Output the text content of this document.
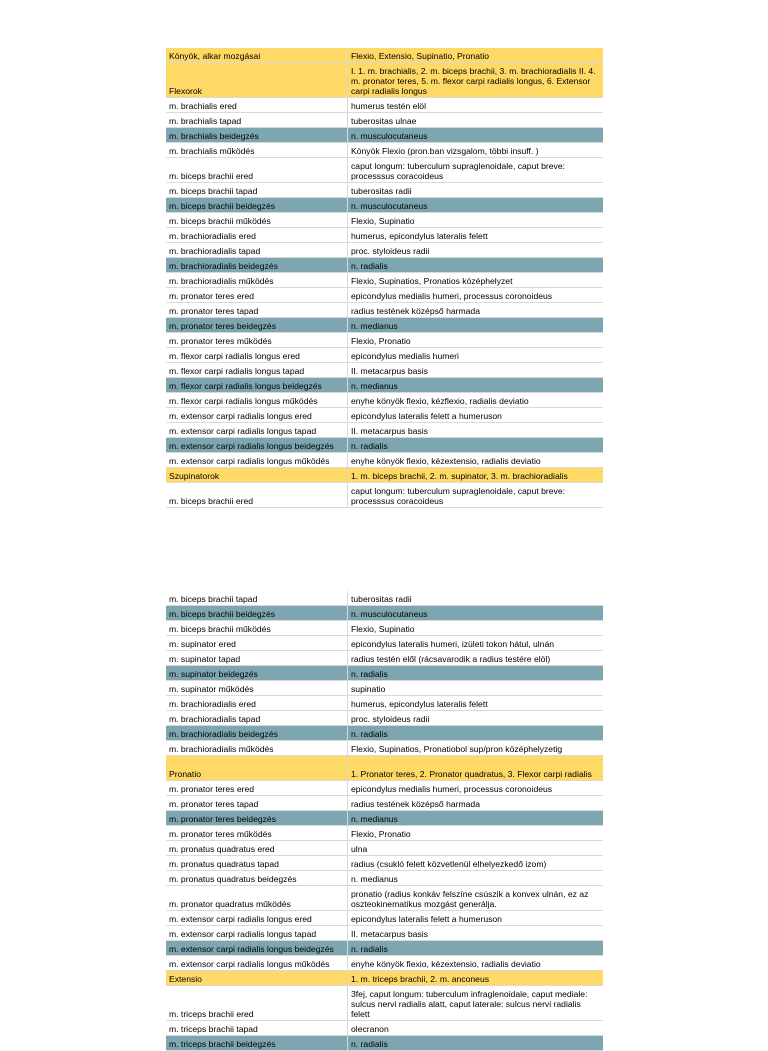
Könyök, alkar mozgásai	Flexio, Extensio, Supinatio, Pronatio
Flexorok	I. 1. m. brachialis, 2. m. biceps brachii, 3. m. brachioradialis II. 4. m. pronator teres, 5. m. flexor carpi radialis longus, 6. Extensor carpi radialis longus
m. brachialis ered	humerus testén elöl
m. brachialis tapad	tuberositas ulnae
m. brachialis beidegzés	n. musculocutaneus
m. brachialis működés	Könyök Flexio (pron.ban vizsgalom, többi insuff. )
m. biceps brachii ered	caput longum: tuberculum supraglenoidale, caput breve: processsus coracoideus
m. biceps brachii tapad	tuberositas radii
m. biceps brachii beidegzés	n. musculocutaneus
m. biceps brachii működés	Flexio, Supinatio
m. brachioradialis ered	humerus, epicondylus lateralis felett
m. brachioradialis tapad	proc. styloideus radii
m. brachioradialis beidegzés	n. radialis
m. brachioradialis működés	Flexio, Supinatios, Pronatios középhelyzet
m. pronator teres ered	epicondylus medialis humeri, processus coronoideus
m. pronator teres tapad	radius testének középső harmada
m. pronator teres beidegzés	n. medianus
m. pronator teres működés	Flexio, Pronatio
m. flexor carpi radialis longus ered	epicondylus medialis humeri
m. flexor carpi radialis longus tapad	II. metacarpus basis
m. flexor carpi radialis longus beidegzés	n. medianus
m. flexor carpi radialis longus működés	enyhe könyök flexio, kézflexio, radialis deviatio
m. extensor carpi radialis longus ered	epicondylus lateralis felett a humeruson
m. extensor carpi radialis longus tapad	II. metacarpus basis
m. extensor carpi radialis longus beidegzés	n. radialis
m. extensor carpi radialis longus működés	enyhe könyök flexio, kézextensio, radialis deviatio
Szupinatorok	1. m. biceps brachii, 2. m. supinator, 3. m. brachioradialis
m. biceps brachii ered	caput longum: tuberculum supraglenoidale, caput breve: processsus coracoideus
m. biceps brachii tapad	tuberositas radii
m. biceps brachii beidegzés	n. musculocutaneus
m. biceps brachii működés	Flexio, Supinatio
m. supinator ered	epicondylus lateralis humeri, izületi tokon hátul, ulnán
m. supinator tapad	radius testén elől (rácsavarodik a radius testére elöl)
m. supinator beidegzés	n. radialis
m. supinator működés	supinatio
m. brachioradialis ered	humerus, epicondylus lateralis felett
m. brachioradialis tapad	proc. styloideus radii
m. brachioradialis beidegzés	n. radialis
m. brachioradialis működés	Flexio, Supinatios, Pronatiobol sup/pron középhelyzetig
Pronatio	1. Pronator teres, 2. Pronator quadratus, 3. Flexor carpi radialis
m. pronator teres ered	epicondylus medialis humeri, processus coronoideus
m. pronator teres tapad	radius testének középső harmada
m. pronator teres beidegzés	n. medianus
m. pronator teres működés	Flexio, Pronatio
m. pronatus quadratus ered	ulna
m. pronatus quadratus tapad	radius (csukló felett közvetlenül elhelyezkedő izom)
m. pronatus quadratus beidegzés	n. medianus
m. pronator quadratus működés	pronatio (radius konkáv felszíne csúszik a konvex ulnán, ez az oszteokinematikus mozgást generálja.
m. extensor carpi radialis longus ered	epicondylus lateralis felett a humeruson
m. extensor carpi radialis longus tapad	II. metacarpus basis
m. extensor carpi radialis longus beidegzés	n. radialis
m. extensor carpi radialis longus működés	enyhe könyök flexio, kézextensio, radialis deviatio
Extensio	1. m. triceps brachii, 2. m. anconeus
m. triceps brachii ered	3fej, caput longum: tuberculum infraglenoidale, caput mediale: sulcus nervi radialis alatt, caput laterale: sulcus nervi radialis felett
m. triceps brachii tapad	olecranon
m. triceps brachii beidegzés	n. radialis
